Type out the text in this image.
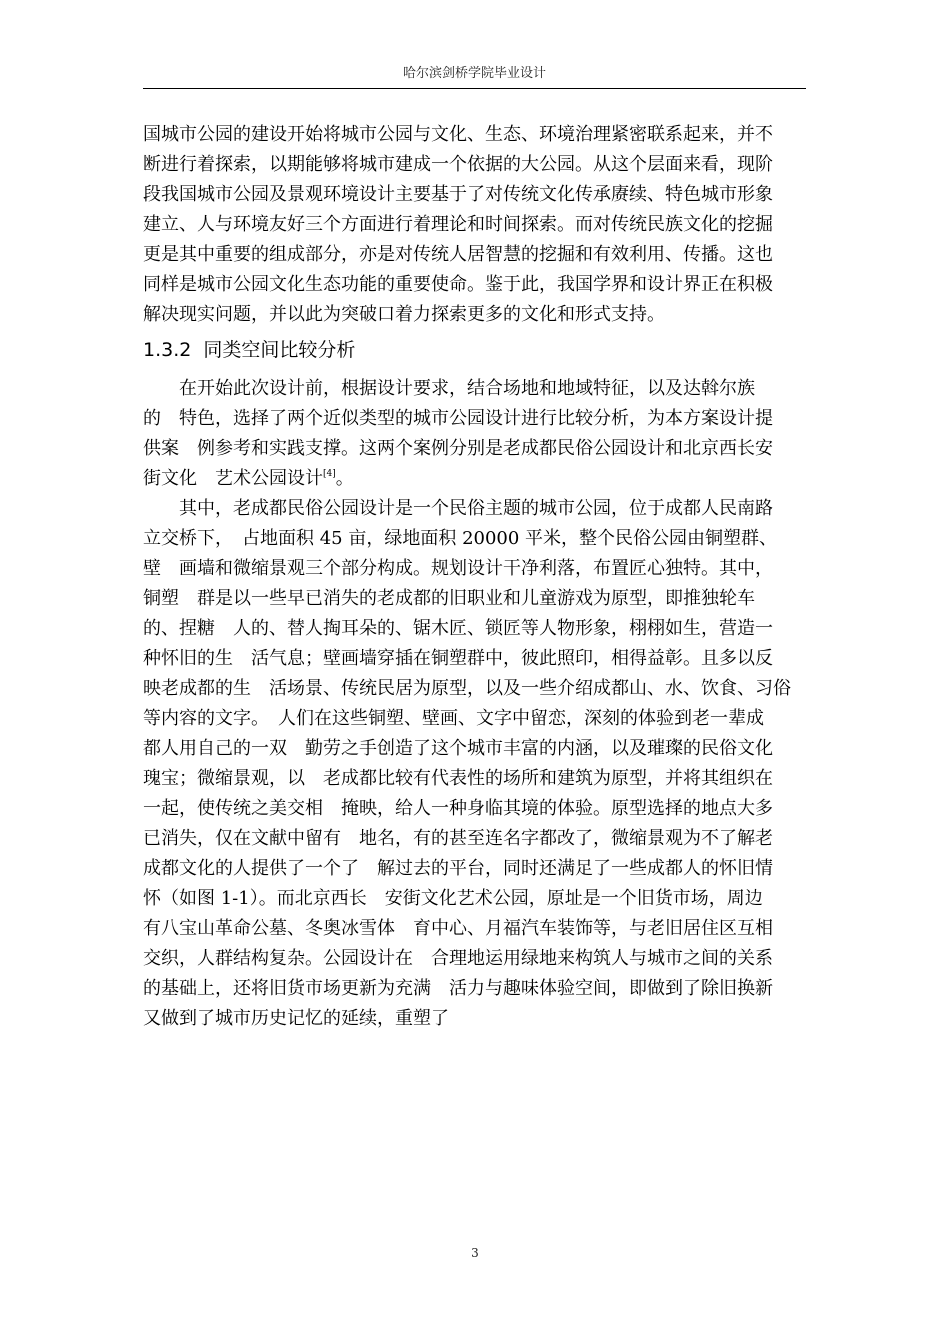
哈尔滨剑桥学院毕业设计
国城市公园的建设开始将城市公园与文化、生态、环境治理紧密联系起来，并不
断进行着探索，以期能够将城市建成一个依据的大公园。从这个层面来看，现阶
段我国城市公园及景观环境设计主要基于了对传统文化传承赓续、特色城市形象
建立、人与环境友好三个方面进行着理论和时间探索。而对传统民族文化的挖掘
更是其中重要的组成部分，亦是对传统人居智慧的挖掘和有效利用、传播。这也
同样是城市公园文化生态功能的重要使命。鉴于此，我国学界和设计界正在积极
解决现实问题，并以此为突破口着力探索更多的文化和形式支持。
1.3.2 同类空间比较分析
　　在开始此次设计前，根据设计要求，结合场地和地域特征，以及达斡尔族
的　特色，选择了两个近似类型的城市公园设计进行比较分析，为本方案设计提
供案　例参考和实践支撑。这两个案例分别是老成都民俗公园设计和北京西长安
街文化　艺术公园设计[4]。
　　其中，老成都民俗公园设计是一个民俗主题的城市公园，位于成都人民南路
立交桥下，　占地面积 45 亩，绿地面积 20000 平米，整个民俗公园由铜塑群、
壁　画墙和微缩景观三个部分构成。规划设计干净利落，布置匠心独特。其中，
铜塑　群是以一些早已消失的老成都的旧职业和儿童游戏为原型，即推独轮车
的、捏糖　人的、替人掏耳朵的、锯木匠、锁匠等人物形象，栩栩如生，营造一
种怀旧的生　活气息；壁画墙穿插在铜塑群中，彼此照印，相得益彰。且多以反
映老成都的生　活场景、传统民居为原型，以及一些介绍成都山、水、饮食、习俗
等内容的文字。　人们在这些铜塑、壁画、文字中留恋，深刻的体验到老一辈成
都人用自己的一双　勤劳之手创造了这个城市丰富的内涵，以及璀璨的民俗文化
瑰宝；微缩景观，以　老成都比较有代表性的场所和建筑为原型，并将其组织在
一起，使传统之美交相　掩映，给人一种身临其境的体验。原型选择的地点大多
已消失，仅在文献中留有　地名，有的甚至连名字都改了，微缩景观为不了解老
成都文化的人提供了一个了　解过去的平台，同时还满足了一些成都人的怀旧情
怀（如图 1-1）。而北京西长　安街文化艺术公园，原址是一个旧货市场，周边
有八宝山革命公墓、冬奥冰雪体　育中心、月福汽车装饰等，与老旧居住区互相
交织，人群结构复杂。公园设计在　合理地运用绿地来构筑人与城市之间的关系
的基础上，还将旧货市场更新为充满　活力与趣味体验空间，即做到了除旧换新
又做到了城市历史记忆的延续，重塑了
3
